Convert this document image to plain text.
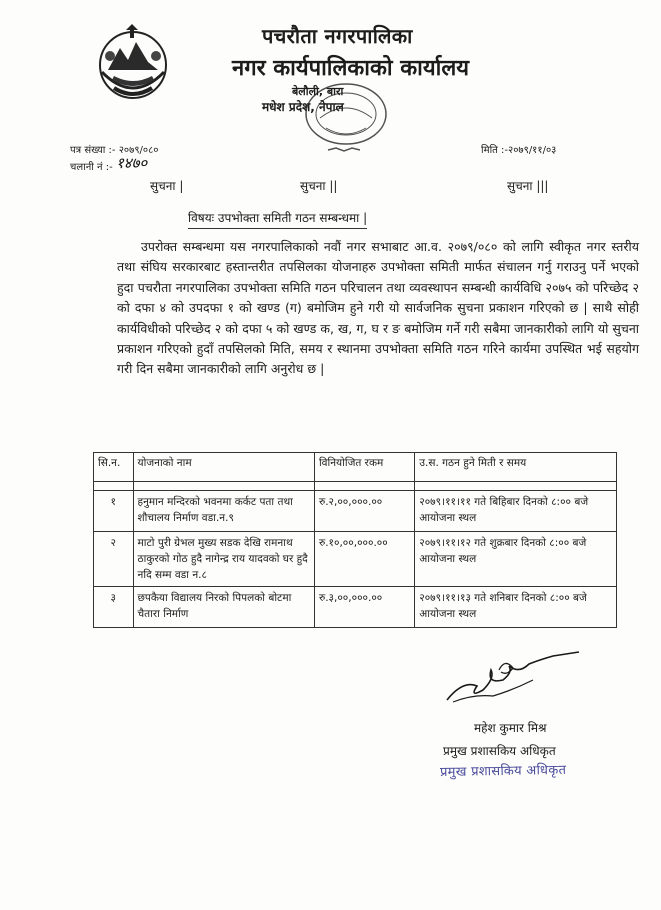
पचरौता नगरपालिका
नगर कार्यपालिकाको कार्यालय
बेलौली, बारा
मधेश प्रदेश, नेपाल
पत्र संख्या :- २०७९/०८०	मिति :-२०७९/११/०३
चलानी नं :- १४७०
सुचना |	सुचना ||	सुचना |||
विषयः उपभोक्ता समिती गठन सम्बन्धमा |

उपरोक्त सम्बन्धमा यस नगरपालिकाको नवौं नगर सभाबाट आ.व. २०७९/०८० को लागि स्वीकृत नगर स्तरीय तथा संघिय सरकारबाट हस्तान्तरीत तपसिलका योजनाहरु उपभोक्ता समिती मार्फत संचालन गर्नु गराउनु पर्ने भएको हुदा पचरौता नगरपालिका उपभोक्ता समिति गठन परिचालन तथा व्यवस्थापन सम्बन्धी कार्यविधि २०७५ को परिच्छेद २ को दफा ४ को उपदफा १ को खण्ड (ग) बमोजिम हुने गरी यो सार्वजनिक सुचना प्रकाशन गरिएको छ | साथै सोही कार्यविधीको परिच्छेद २ को दफा ५ को खण्ड क, ख, ग, घ र ङ बमोजिम गर्ने गरी सबैमा जानकारीको लागि यो सुचना प्रकाशन गरिएको हुदाँ तपसिलको मिति, समय र स्थानमा उपभोक्ता समिति गठन गरिने कार्यमा उपस्थित भई सहयोग गरी दिन सबैमा जानकारीको लागि अनुरोध छ |

सि.न.	योजनाको नाम	विनियोजित रकम	उ.स. गठन हुने मिती र समय

१	हनुमान मन्दिरको भवनमा कर्कट पता तथा शौचालय निर्माण वडा.न.९	रु.२,००,०००.००	२०७९।११।११ गते बिहिबार दिनको ८:०० बजे आयोजना स्थल
२	माटो पुरी ग्रेभल मुख्य सडक देखि रामनाथ ठाकुरको गोठ हुदै नागेन्द्र राय यादवको घर हुदै नदि सम्म वडा न.८	रु.१०,००,०००.००	२०७९।११।१२ गते शुक्रबार दिनको ८:०० बजे आयोजना स्थल
३	छपकैया विद्यालय निरको पिपलको बोटमा चैतारा निर्माण	रु.३,००,०००.००	२०७९।११।१३ गते शनिबार दिनको ८:०० बजे आयोजना स्थल
महेश कुमार मिश्र
प्रमुख प्रशासकिय अधिकृत
प्रमुख प्रशासकिय अधिकृत
